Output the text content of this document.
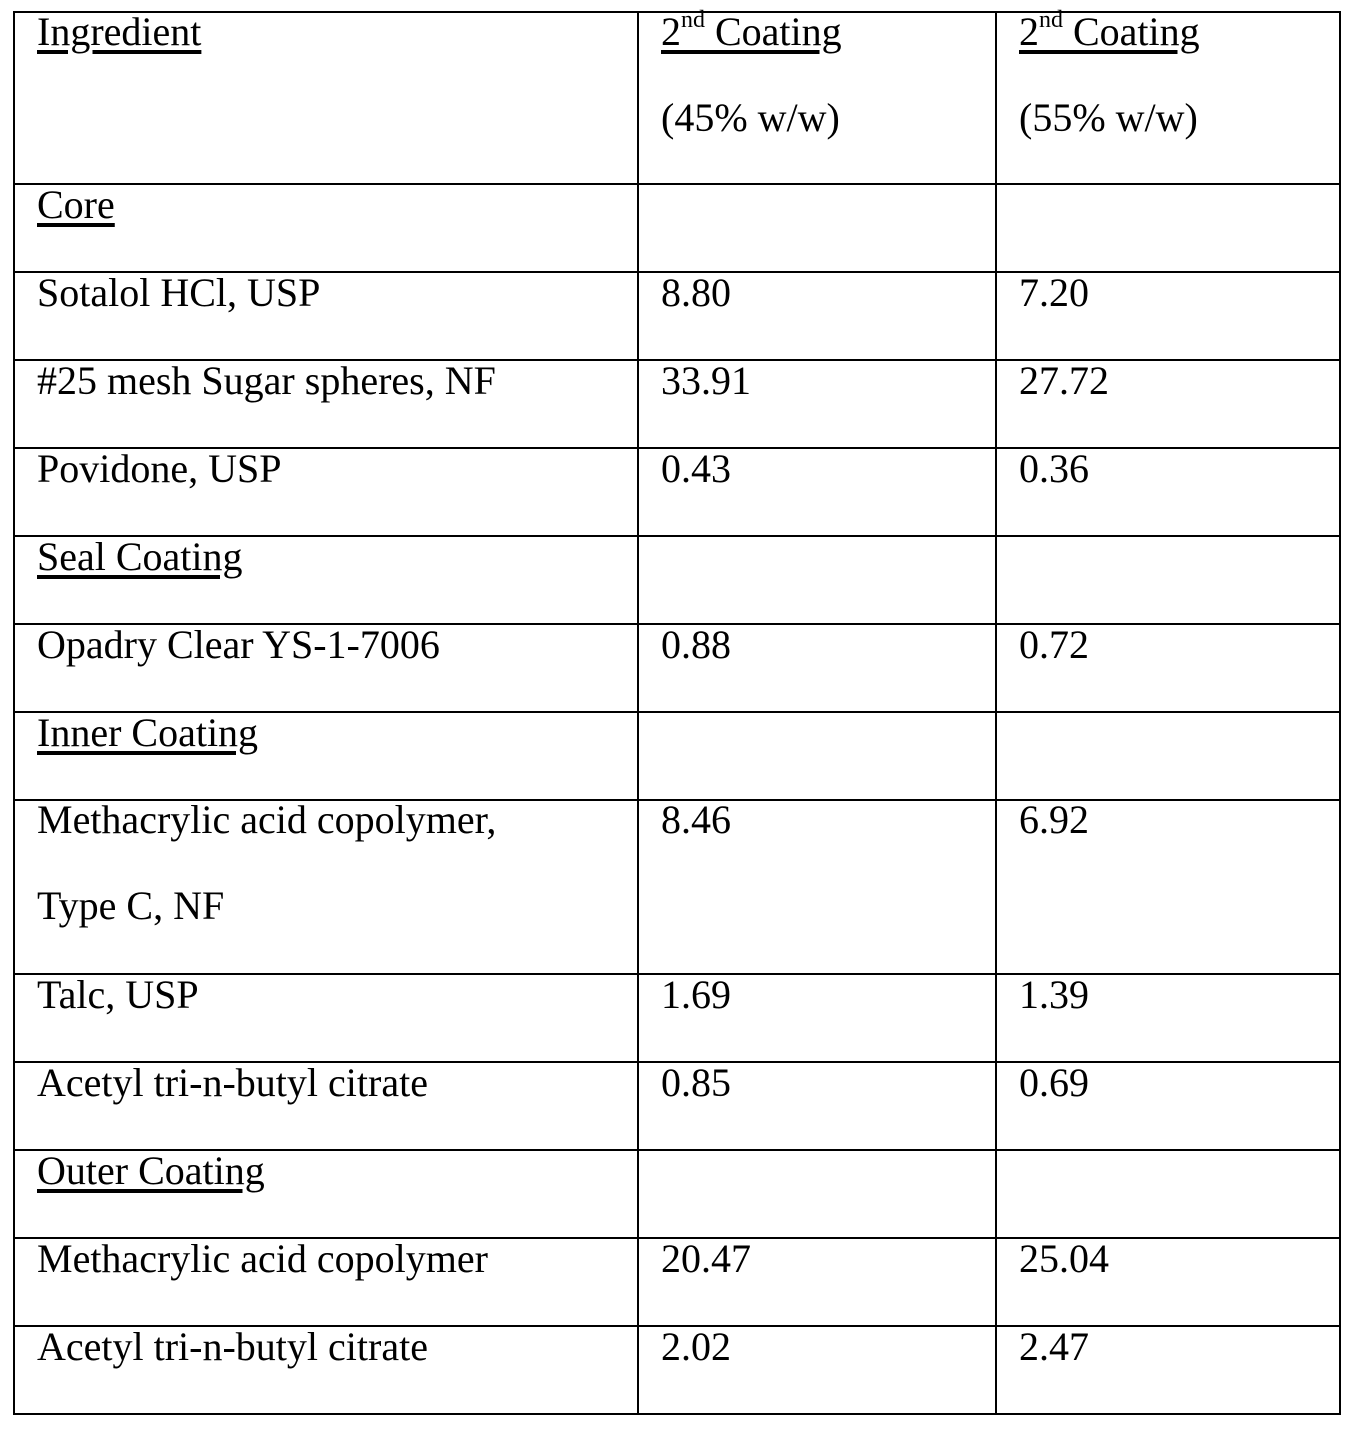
Ingredient	2nd Coating
(45% w/w)

2nd Coating
(55% w/w)

Core

Sotalol HCl, USP	8.80	7.20

#25 mesh Sugar spheres, NF	33.91	27.72

Povidone, USP	0.43	0.36

Seal Coating

Opadry Clear YS-1-7006	0.88	0.72

Inner Coating

Methacrylic acid copolymer,
Type C, NF

8.46	6.92

Talc, USP	1.69	1.39

Acetyl tri-n-butyl citrate	0.85	0.69

Outer Coating

Methacrylic acid copolymer	20.47	25.04

Acetyl tri-n-butyl citrate	2.02	2.47
